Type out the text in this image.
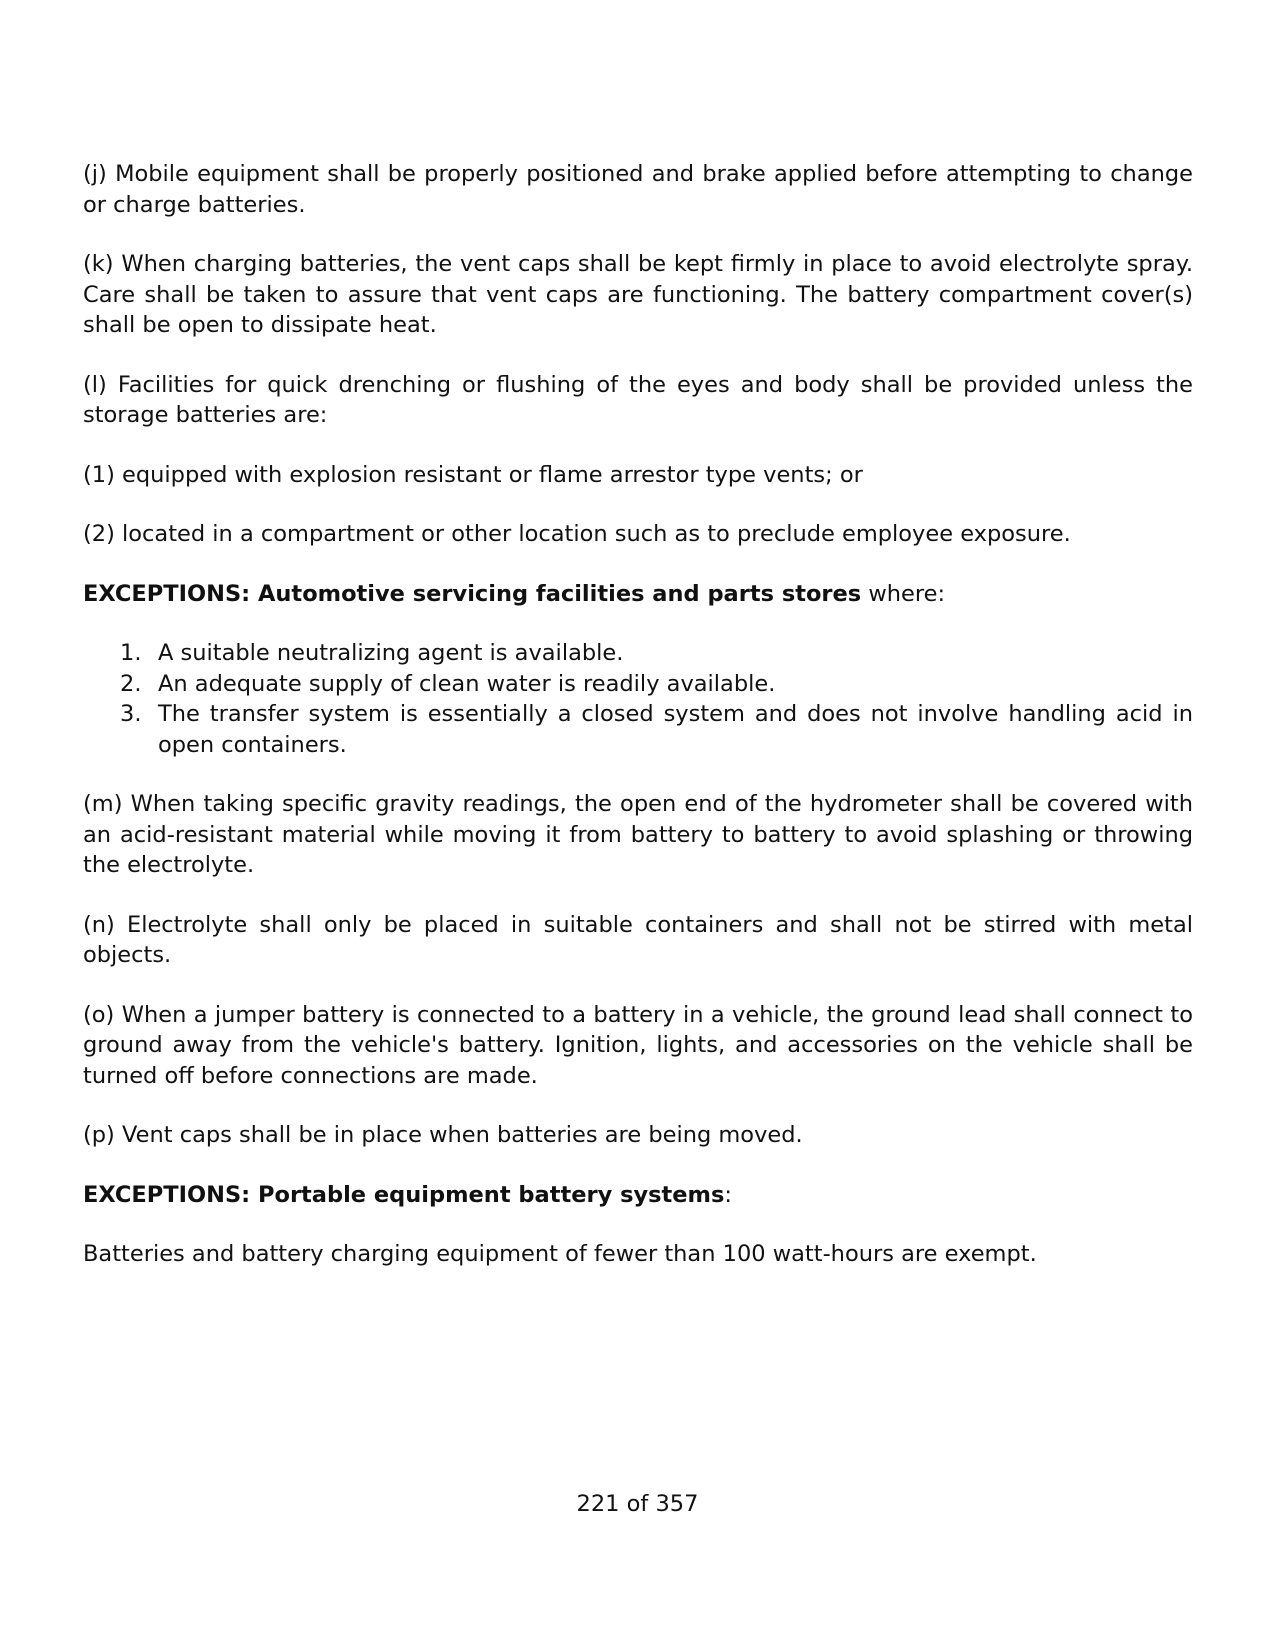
(j) Mobile equipment shall be properly positioned and brake applied before attempting to change or charge batteries.

(k) When charging batteries, the vent caps shall be kept firmly in place to avoid electrolyte spray. Care shall be taken to assure that vent caps are functioning. The battery compartment cover(s) shall be open to dissipate heat.

(l) Facilities for quick drenching or flushing of the eyes and body shall be provided unless the storage batteries are:

(1) equipped with explosion resistant or flame arrestor type vents; or

(2) located in a compartment or other location such as to preclude employee exposure.

EXCEPTIONS: Automotive servicing facilities and parts stores where:

1. A suitable neutralizing agent is available.
2. An adequate supply of clean water is readily available.
3. The transfer system is essentially a closed system and does not involve handling acid in open containers.

(m) When taking specific gravity readings, the open end of the hydrometer shall be covered with an acid-resistant material while moving it from battery to battery to avoid splashing or throwing the electrolyte.

(n) Electrolyte shall only be placed in suitable containers and shall not be stirred with metal objects.

(o) When a jumper battery is connected to a battery in a vehicle, the ground lead shall connect to ground away from the vehicle's battery. Ignition, lights, and accessories on the vehicle shall be turned off before connections are made.

(p) Vent caps shall be in place when batteries are being moved.

EXCEPTIONS: Portable equipment battery systems:

Batteries and battery charging equipment of fewer than 100 watt-hours are exempt.

221 of 357
